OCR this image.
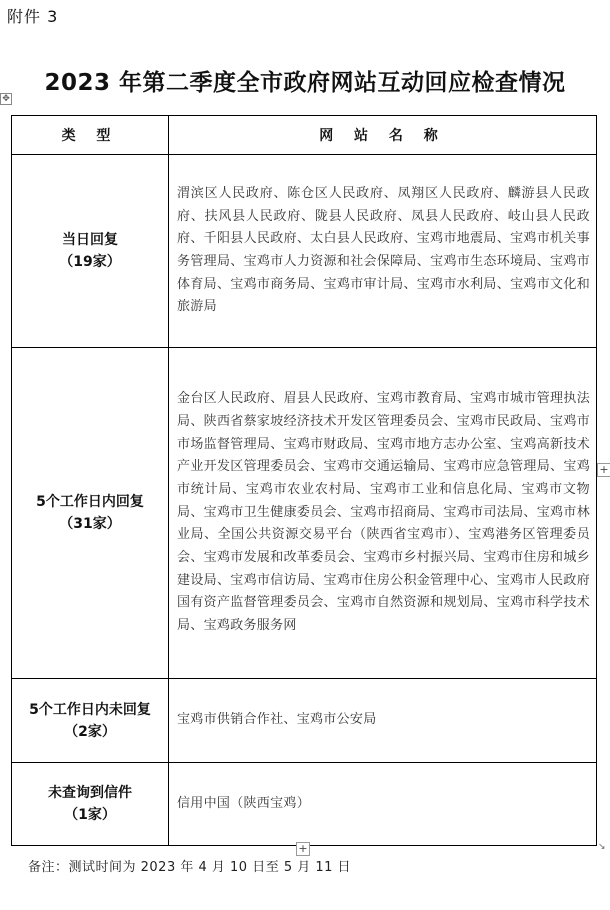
附件 3
2023 年第二季度全市政府网站互动回应检查情况
✥
类 型	网 站 名 称

当日回复
（19家）	渭滨区人民政府、陈仓区人民政府、凤翔区人民政府、麟游县人民政府、扶风县人民政府、陇县人民政府、凤县人民政府、岐山县人民政府、千阳县人民政府、太白县人民政府、宝鸡市地震局、宝鸡市机关事务管理局、宝鸡市人力资源和社会保障局、宝鸡市生态环境局、宝鸡市体育局、宝鸡市商务局、宝鸡市审计局、宝鸡市水利局、宝鸡市文化和旅游局

5个工作日内回复
（31家）	金台区人民政府、眉县人民政府、宝鸡市教育局、宝鸡市城市管理执法局、陕西省蔡家坡经济技术开发区管理委员会、宝鸡市民政局、宝鸡市市场监督管理局、宝鸡市财政局、宝鸡市地方志办公室、宝鸡高新技术产业开发区管理委员会、宝鸡市交通运输局、宝鸡市应急管理局、宝鸡市统计局、宝鸡市农业农村局、宝鸡市工业和信息化局、宝鸡市文物局、宝鸡市卫生健康委员会、宝鸡市招商局、宝鸡市司法局、宝鸡市林业局、全国公共资源交易平台（陕西省宝鸡市）、宝鸡港务区管理委员会、宝鸡市发展和改革委员会、宝鸡市乡村振兴局、宝鸡市住房和城乡建设局、宝鸡市信访局、宝鸡市住房公积金管理中心、宝鸡市人民政府国有资产监督管理委员会、宝鸡市自然资源和规划局、宝鸡市科学技术局、宝鸡政务服务网

5个工作日内未回复
（2家）	宝鸡市供销合作社、宝鸡市公安局

未查询到信件
（1家）	信用中国（陕西宝鸡）
+
+	↘
备注：测试时间为 2023 年 4 月 10 日至 5 月 11 日
